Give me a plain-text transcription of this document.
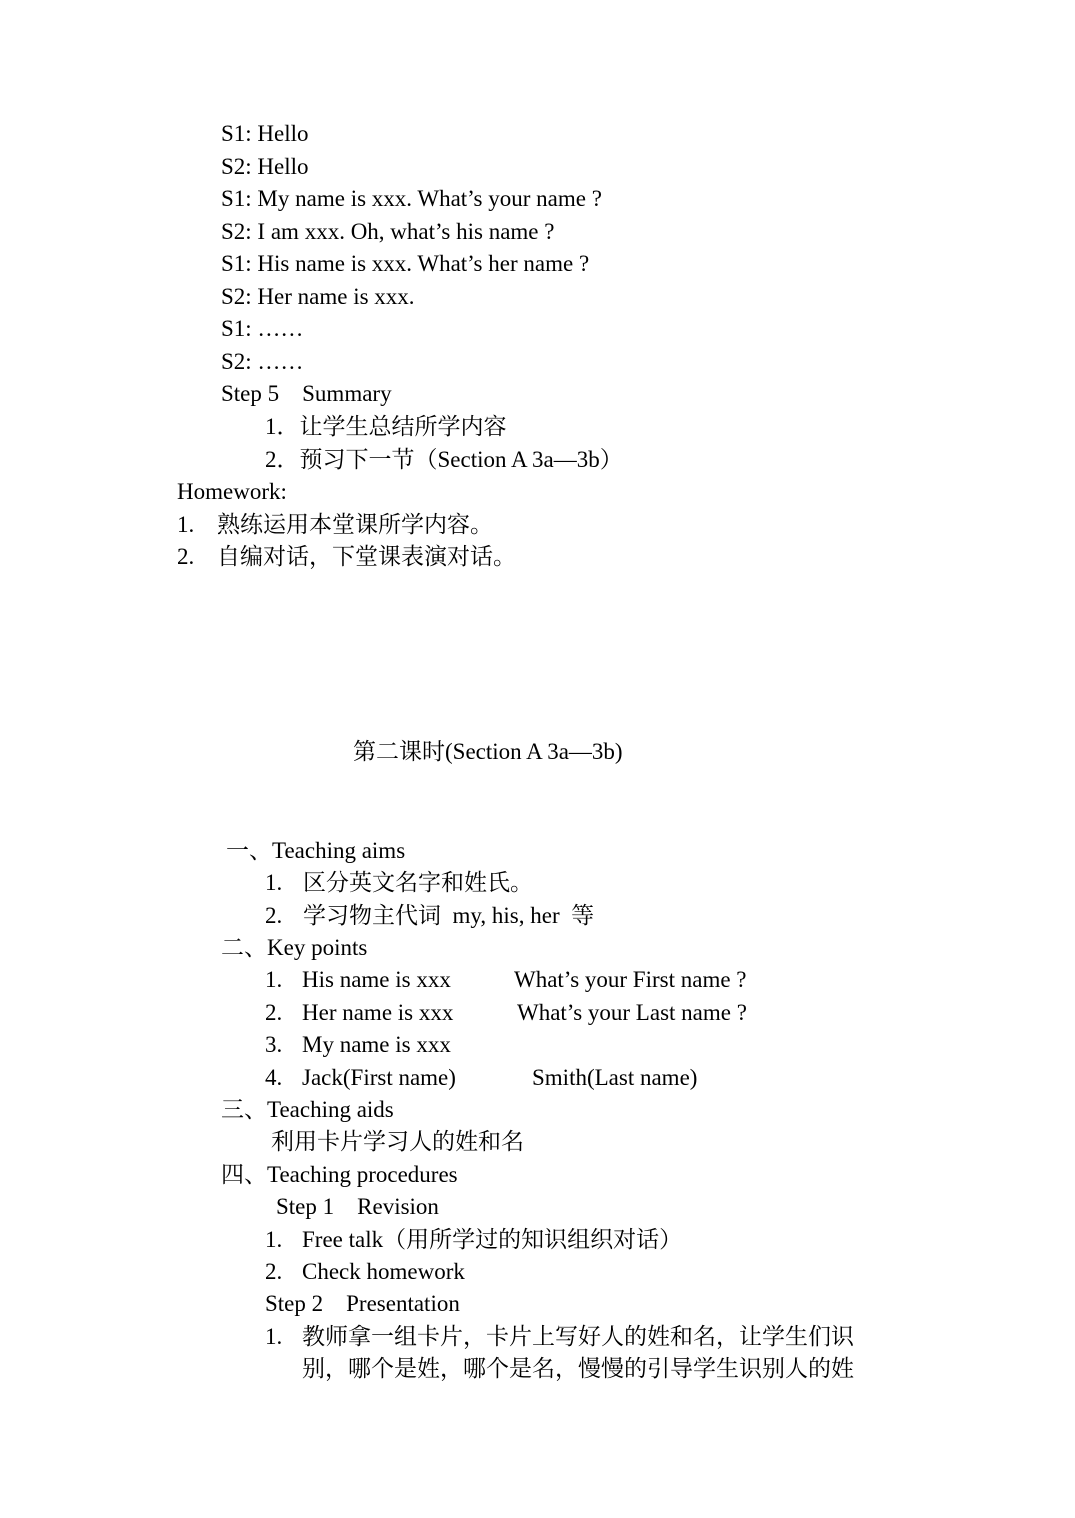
S1: Hello
S2: Hello
S1: My name is xxx. What’s your name ?
S2: I am xxx. Oh, what’s his name ?
S1: His name is xxx. What’s her name ?
S2: Her name is xxx.
S1: ……
S2: ……
Step 5    Summary
1．让学生总结所学内容
2．预习下一节（Section A 3a—3b）
Homework:
1. 熟练运用本堂课所学内容。
2. 自编对话，下堂课表演对话。
第二课时(Section A 3a—3b)
一、Teaching aims
1. 区分英文名字和姓氏。
2. 学习物主代词  my, his, her  等
二、Key points
1. His name is xxx	What’s your First name ?
2. Her name is xxx	What’s your Last name ?
3. My name is xxx
4. Jack(First name)	Smith(Last name)
三、Teaching aids
利用卡片学习人的姓和名
四、Teaching procedures
Step 1    Revision
1. Free talk（用所学过的知识组织对话）
2. Check homework
Step 2    Presentation
1. 教师拿一组卡片，卡片上写好人的姓和名，让学生们识
别，哪个是姓，哪个是名，慢慢的引导学生识别人的姓
